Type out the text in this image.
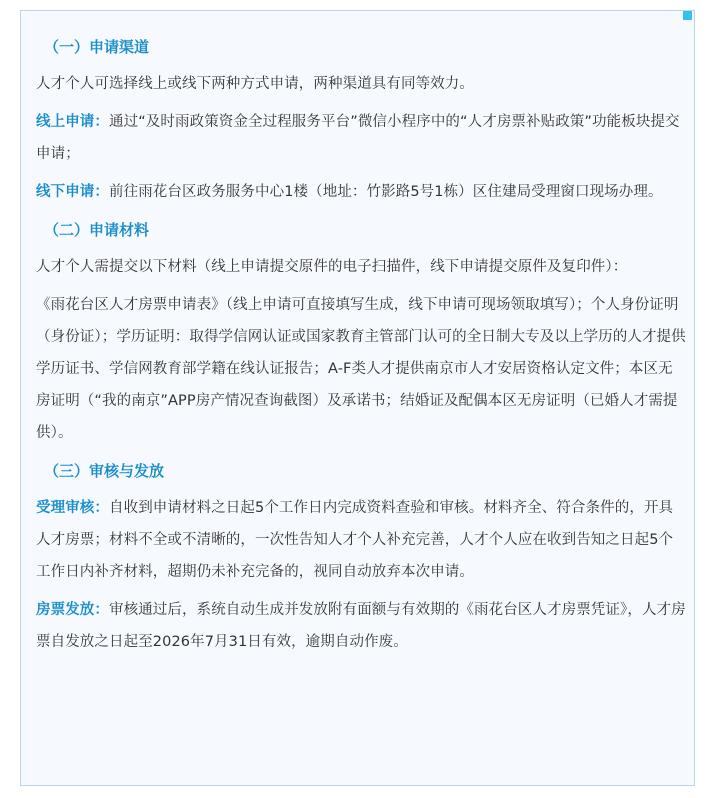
（一）申请渠道

人才个人可选择线上或线下两种方式申请，两种渠道具有同等效力。

线上申请：通过“及时雨政策资金全过程服务平台”微信小程序中的“人才房票补贴政策”功能板块提交申请；

线下申请：前往雨花台区政务服务中心1楼（地址：竹影路5号1栋）区住建局受理窗口现场办理。

（二）申请材料

人才个人需提交以下材料（线上申请提交原件的电子扫描件，线下申请提交原件及复印件）：

《雨花台区人才房票申请表》（线上申请可直接填写生成，线下申请可现场领取填写）；个人身份证明（身份证）；学历证明：取得学信网认证或国家教育主管部门认可的全日制大专及以上学历的人才提供学历证书、学信网教育部学籍在线认证报告；A-F类人才提供南京市人才安居资格认定文件；本区无房证明（“我的南京”APP房产情况查询截图）及承诺书；结婚证及配偶本区无房证明（已婚人才需提供）。

（三）审核与发放

受理审核：自收到申请材料之日起5个工作日内完成资料查验和审核。材料齐全、符合条件的，开具人才房票；材料不全或不清晰的，一次性告知人才个人补充完善，人才个人应在收到告知之日起5个工作日内补齐材料，超期仍未补充完备的，视同自动放弃本次申请。

房票发放：审核通过后，系统自动生成并发放附有面额与有效期的《雨花台区人才房票凭证》，人才房票自发放之日起至2026年7月31日有效，逾期自动作废。
